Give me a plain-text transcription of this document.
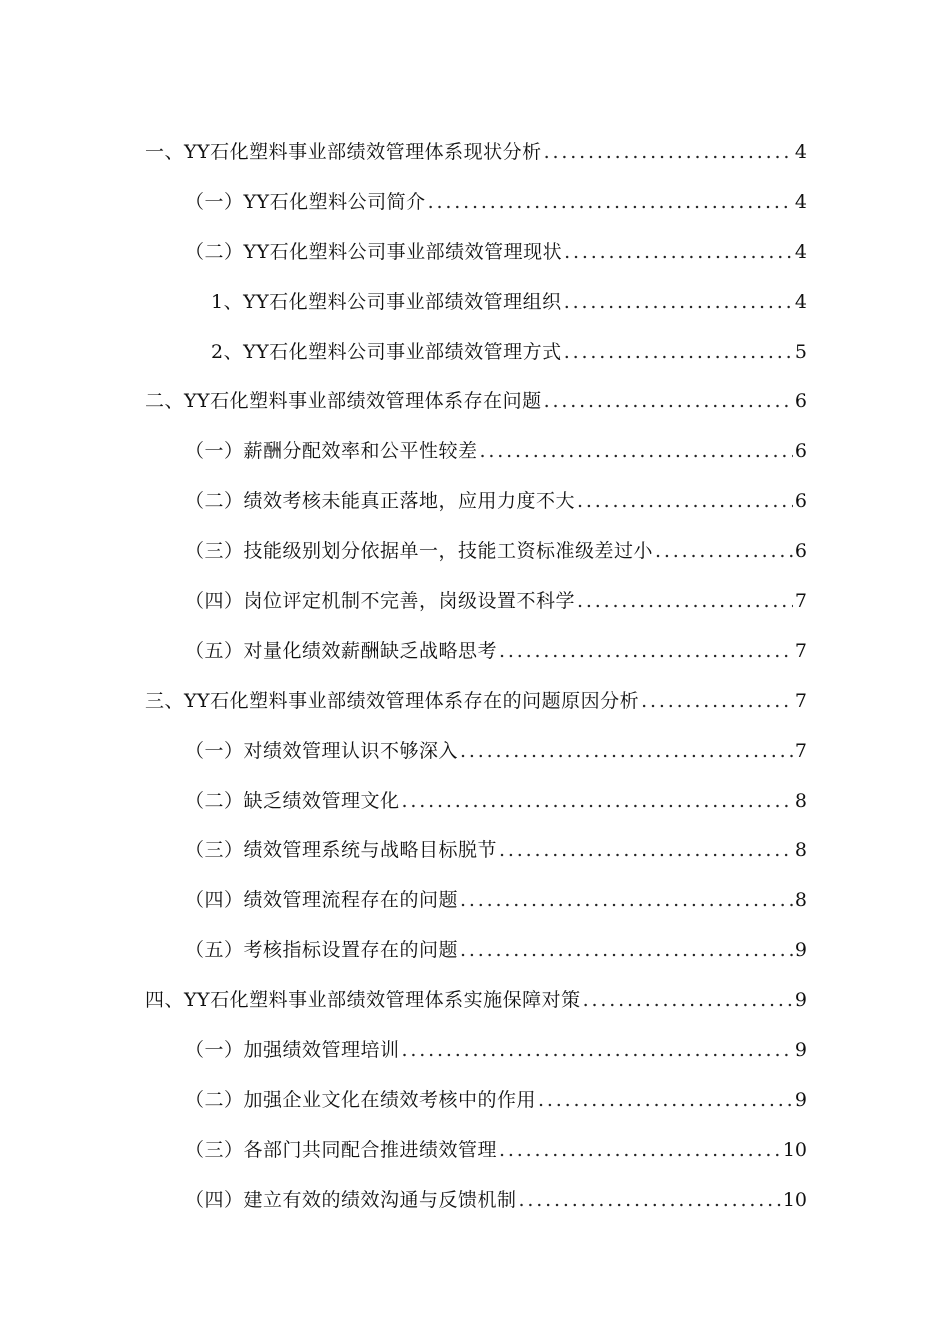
一、YY石化塑料事业部绩效管理体系现状分析 . . .	4
（一）YY石化塑料公司简介 . . .	4
（二）YY石化塑料公司事业部绩效管理现状 . . .	4
1、YY石化塑料公司事业部绩效管理组织 . . .	4
2、YY石化塑料公司事业部绩效管理方式 . . .	5
二、YY石化塑料事业部绩效管理体系存在问题 . . .	6
（一）薪酬分配效率和公平性较差 . . .	6
（二）绩效考核未能真正落地，应用力度不大 . . .	6
（三）技能级别划分依据单一，技能工资标准级差过小 . . .	6
（四）岗位评定机制不完善，岗级设置不科学 . . .	7
（五）对量化绩效薪酬缺乏战略思考 . . .	7
三、YY石化塑料事业部绩效管理体系存在的问题原因分析 . . .	7
（一）对绩效管理认识不够深入 . . .	7
（二）缺乏绩效管理文化 . . .	8
（三）绩效管理系统与战略目标脱节 . . .	8
（四）绩效管理流程存在的问题 . . .	8
（五）考核指标设置存在的问题 . . .	9
四、YY石化塑料事业部绩效管理体系实施保障对策 . . .	9
（一）加强绩效管理培训 . . .	9
（二）加强企业文化在绩效考核中的作用 . . .	9
（三）各部门共同配合推进绩效管理 . . .	10
（四）建立有效的绩效沟通与反馈机制 . . .	10
